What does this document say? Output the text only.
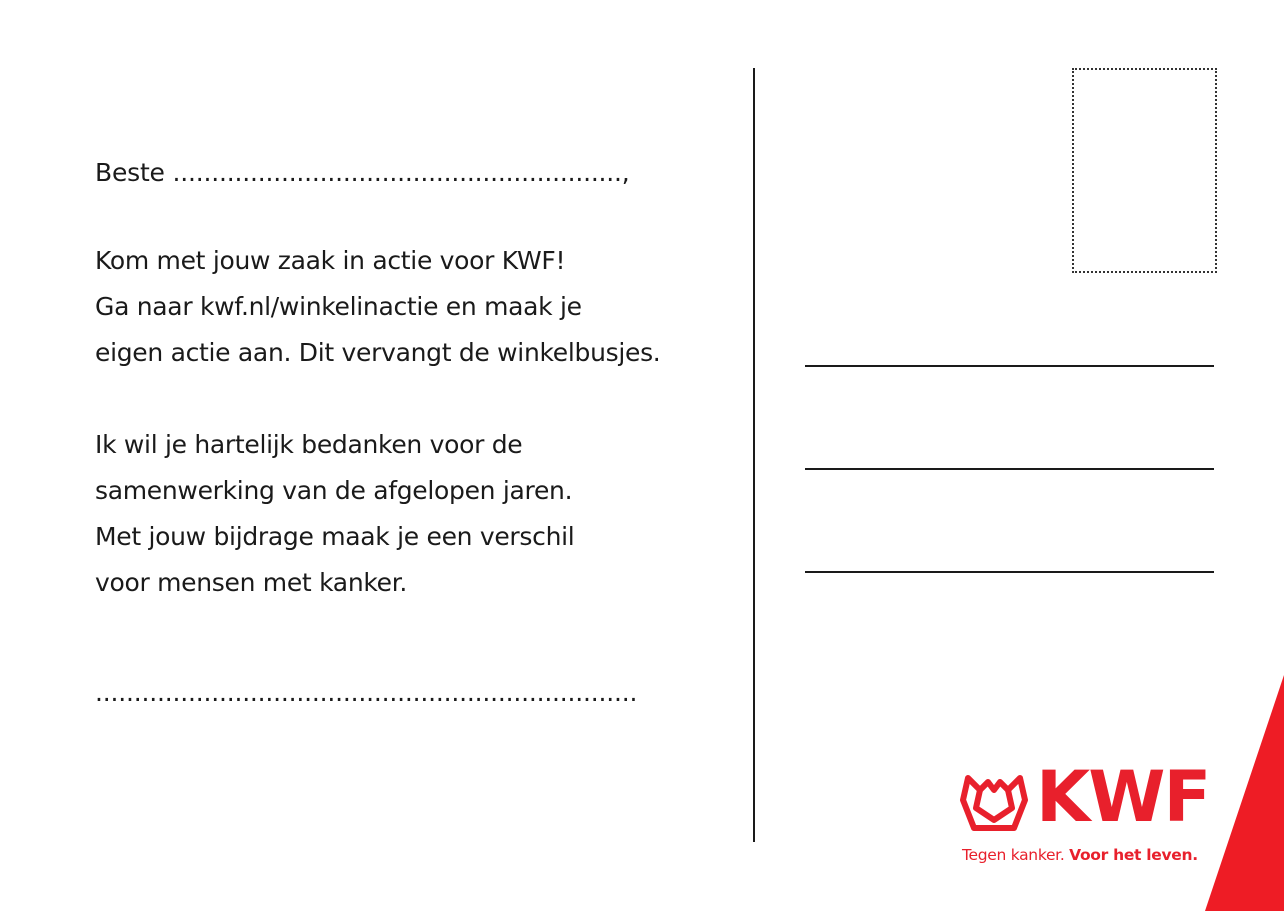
Beste ..........................................................,

Kom met jouw zaak in actie voor KWF!
Ga naar kwf.nl/winkelinactie en maak je
eigen actie aan. Dit vervangt de winkelbusjes.

Ik wil je hartelijk bedanken voor de
samenwerking van de afgelopen jaren.
Met jouw bijdrage maak je een verschil
voor mensen met kanker.

......................................................................
KWF
Tegen kanker. Voor het leven.
